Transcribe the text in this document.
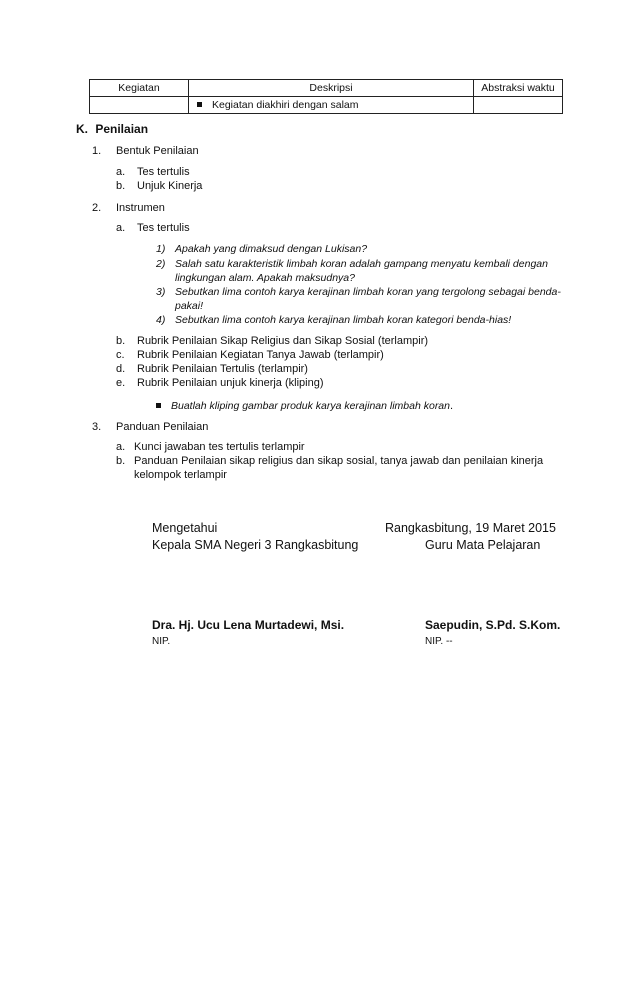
Kegiatan	Deskripsi	Abstraksi waktu
	Kegiatan diakhiri dengan salam	
K. Penilaian
1. Bentuk Penilaian
a. Tes tertulis
b. Unjuk Kinerja
2. Instrumen
a. Tes tertulis
1) Apakah yang dimaksud dengan Lukisan?
2) Salah satu karakteristik limbah koran adalah gampang menyatu kembali dengan
lingkungan alam. Apakah maksudnya?
3) Sebutkan lima contoh karya kerajinan limbah koran yang tergolong sebagai benda-
pakai!
4) Sebutkan lima contoh karya kerajinan limbah koran kategori benda-hias!
b. Rubrik Penilaian Sikap Religius dan Sikap Sosial (terlampir)
c. Rubrik Penilaian Kegiatan Tanya Jawab (terlampir)
d. Rubrik Penilaian Tertulis (terlampir)
e. Rubrik Penilaian unjuk kinerja (kliping)
Buatlah kliping gambar produk karya kerajinan limbah koran.
3. Panduan Penilaian
a. Kunci jawaban tes tertulis terlampir
b. Panduan Penilaian sikap religius dan sikap sosial, tanya jawab dan penilaian kinerja
kelompok terlampir
Mengetahui
Kepala SMA Negeri 3 Rangkasbitung
Rangkasbitung, 19 Maret 2015
Guru Mata Pelajaran
Dra. Hj. Ucu Lena Murtadewi, Msi.
NIP.
Saepudin, S.Pd. S.Kom.
NIP. --
